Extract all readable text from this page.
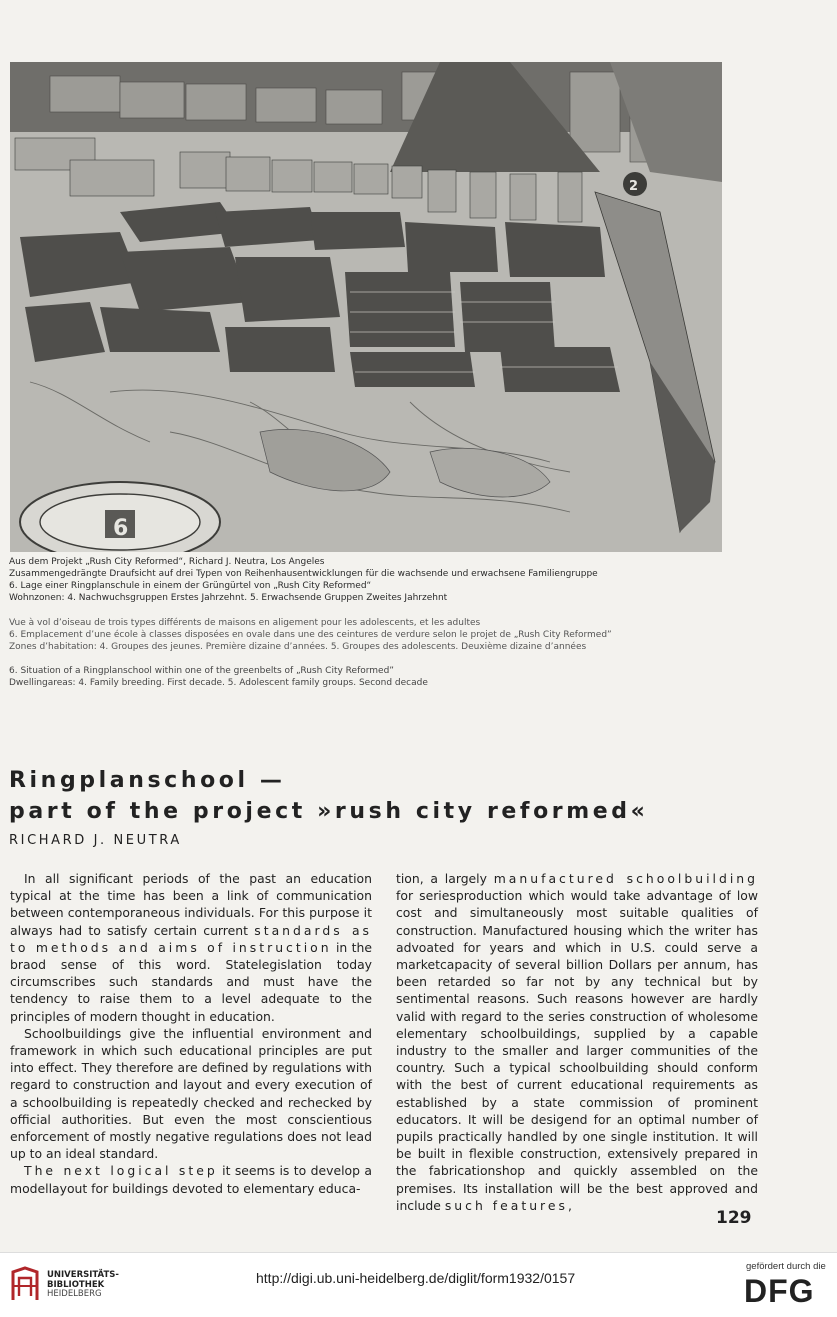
6
2
Aus dem Projekt „Rush City Reformed“, Richard J. Neutra, Los Angeles
Zusammengedrängte Draufsicht auf drei Typen von Reihenhausentwicklungen für die wachsende und erwachsene Familiengruppe
6. Lage einer Ringplanschule in einem der Grüngürtel von „Rush City Reformed“
Wohnzonen: 4. Nachwuchsgruppen Erstes Jahrzehnt. 5. Erwachsende Gruppen Zweites Jahrzehnt
Vue à vol d’oiseau de trois types différents de maisons en aligement pour les adolescents, et les adultes
6. Emplacement d’une école à classes disposées en ovale dans une des ceintures de verdure selon le projet de „Rush City Reformed”
Zones d’habitation: 4. Groupes des jeunes. Première dizaine d’années. 5. Groupes des adolescents. Deuxième dizaine d’années
6. Situation of a Ringplanschool within one of the greenbelts of „Rush City Reformed”
Dwellingareas: 4. Family breeding. First decade. 5. Adolescent family groups. Second decade
Ringplanschool —
part of the project »rush city reformed«
RICHARD J. NEUTRA

In all significant periods of the past an education typical at the time has been a link of communication between contemporaneous individuals. For this purpose it always had to satisfy certain current standards as to methods and aims of instruction in the braod sense of this word. Statelegislation today circumscribes such standards and must have the tendency to raise them to a level adequate to the principles of modern thought in education.

Schoolbuildings give the influential environment and framework in which such educational principles are put into effect. They therefore are defined by regulations with regard to construction and layout and every execution of a schoolbuilding is repeatedly checked and rechecked by official authorities. But even the most conscientious enforcement of mostly negative regulations does not lead up to an ideal standard.

The next logical step it seems is to develop a modellayout for buildings devoted to elementary educa-

tion, a largely manufactured schoolbuilding for seriesproduction which would take advantage of low cost and simultaneously most suitable qualities of construction. Manufactured housing which the writer has advoated for years and which in U.S. could serve a marketcapacity of several billion Dollars per annum, has been retarded so far not by any technical but by sentimental reasons. Such reasons however are hardly valid with regard to the series construction of wholesome elementary schoolbuildings, supplied by a capable industry to the smaller and larger communities of the country. Such a typical schoolbuilding should conform with the best of current educational requirements as established by a state commission of prominent educators. It will be desigend for an optimal number of pupils practically handled by one single institution. It will be built in flexible construction, extensively prepared in the fabricationshop and quickly assembled on the premises. Its installation will be the best approved and include such features,

129
UNIVERSITÄTS-
BIBLIOTHEK
HEIDELBERG
http://digi.ub.uni-heidelberg.de/diglit/form1932/0157
gefördert durch die
DFG
